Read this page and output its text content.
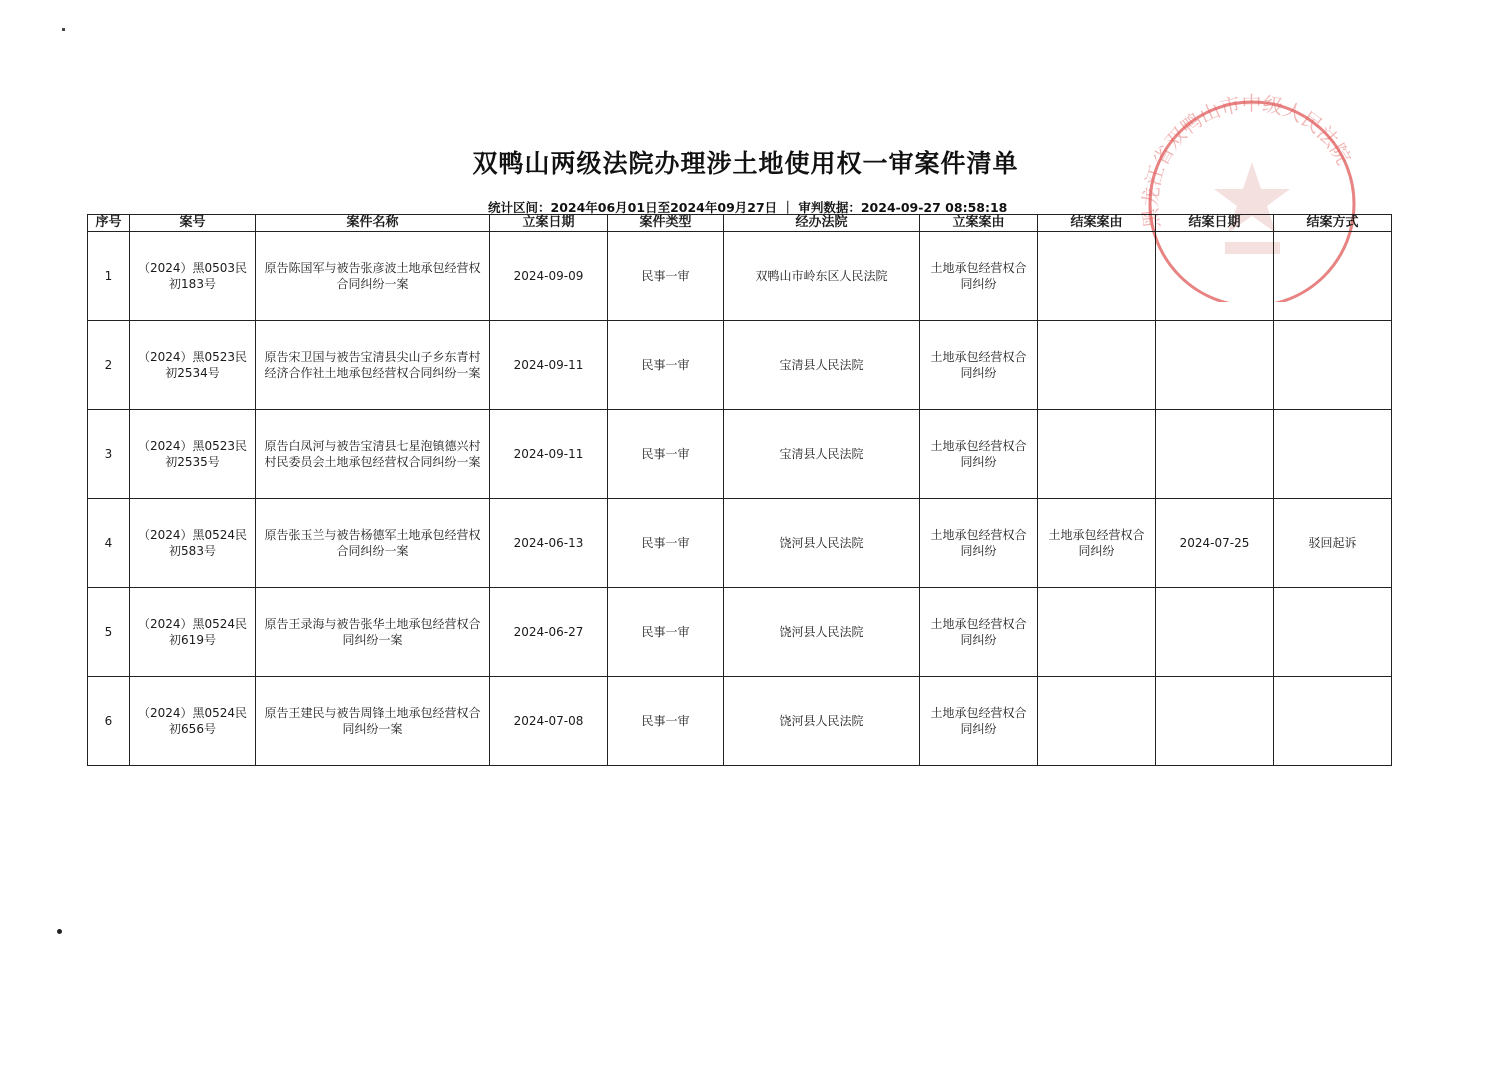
黑龙江省双鸭山市中级人民法院
双鸭山两级法院办理涉土地使用权一审案件清单
统计区间：2024年06月01日至2024年09月27日 ｜ 审判数据：2024-09-27 08:58:18
序号	案号	案件名称	立案日期	案件类型	经办法院	立案案由	结案案由	结案日期	结案方式
1	（2024）黑0503民初183号	原告陈国军与被告张彦波土地承包经营权合同纠纷一案	2024-09-09	民事一审	双鸭山市岭东区人民法院	土地承包经营权合同纠纷			
2	（2024）黑0523民初2534号	原告宋卫国与被告宝清县尖山子乡东青村经济合作社土地承包经营权合同纠纷一案	2024-09-11	民事一审	宝清县人民法院	土地承包经营权合同纠纷			
3	（2024）黑0523民初2535号	原告白凤河与被告宝清县七星泡镇德兴村村民委员会土地承包经营权合同纠纷一案	2024-09-11	民事一审	宝清县人民法院	土地承包经营权合同纠纷			
4	（2024）黑0524民初583号	原告张玉兰与被告杨德军土地承包经营权合同纠纷一案	2024-06-13	民事一审	饶河县人民法院	土地承包经营权合同纠纷	土地承包经营权合同纠纷	2024-07-25	驳回起诉
5	（2024）黑0524民初619号	原告王录海与被告张华土地承包经营权合同纠纷一案	2024-06-27	民事一审	饶河县人民法院	土地承包经营权合同纠纷			
6	（2024）黑0524民初656号	原告王建民与被告周锋土地承包经营权合同纠纷一案	2024-07-08	民事一审	饶河县人民法院	土地承包经营权合同纠纷			
